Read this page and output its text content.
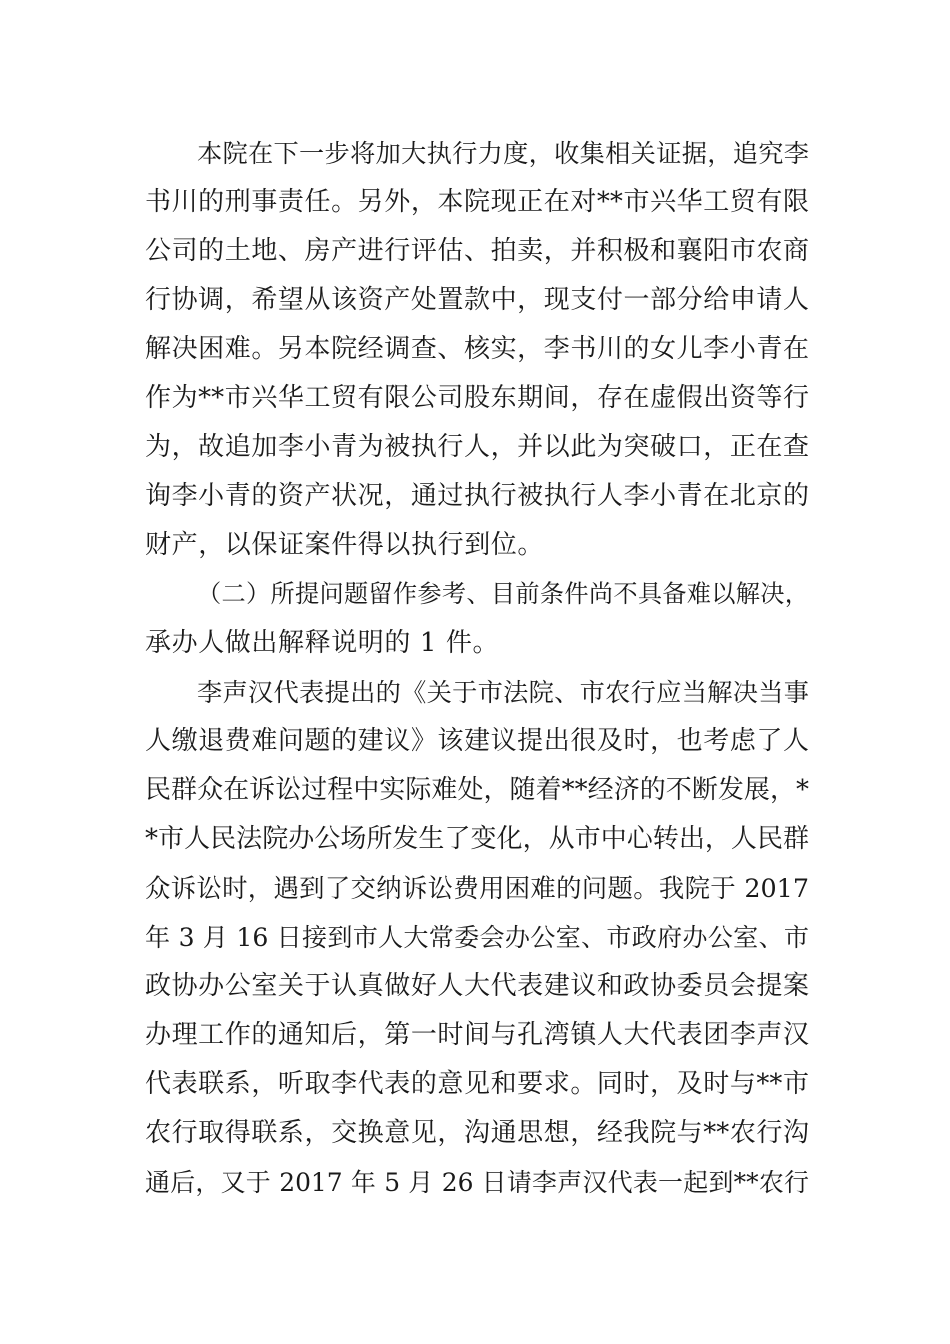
本院在下一步将加大执行力度，收集相关证据，追究李
书川的刑事责任。另外，本院现正在对**市兴华工贸有限
公司的土地、房产进行评估、拍卖，并积极和襄阳市农商
行协调，希望从该资产处置款中，现支付一部分给申请人
解决困难。另本院经调查、核实，李书川的女儿李小青在
作为**市兴华工贸有限公司股东期间，存在虚假出资等行
为，故追加李小青为被执行人，并以此为突破口，正在查
询李小青的资产状况，通过执行被执行人李小青在北京的
财产，以保证案件得以执行到位。
（二）所提问题留作参考、目前条件尚不具备难以解决，
承办人做出解释说明的 1 件。
李声汉代表提出的《关于市法院、市农行应当解决当事
人缴退费难问题的建议》该建议提出很及时，也考虑了人
民群众在诉讼过程中实际难处，随着**经济的不断发展，*
*市人民法院办公场所发生了变化，从市中心转出，人民群
众诉讼时，遇到了交纳诉讼费用困难的问题。我院于 2017
年 3 月 16 日接到市人大常委会办公室、市政府办公室、市
政协办公室关于认真做好人大代表建议和政协委员会提案
办理工作的通知后，第一时间与孔湾镇人大代表团李声汉
代表联系，听取李代表的意见和要求。同时，及时与**市
农行取得联系，交换意见，沟通思想，经我院与**农行沟
通后，又于 2017 年 5 月 26 日请李声汉代表一起到**农行
